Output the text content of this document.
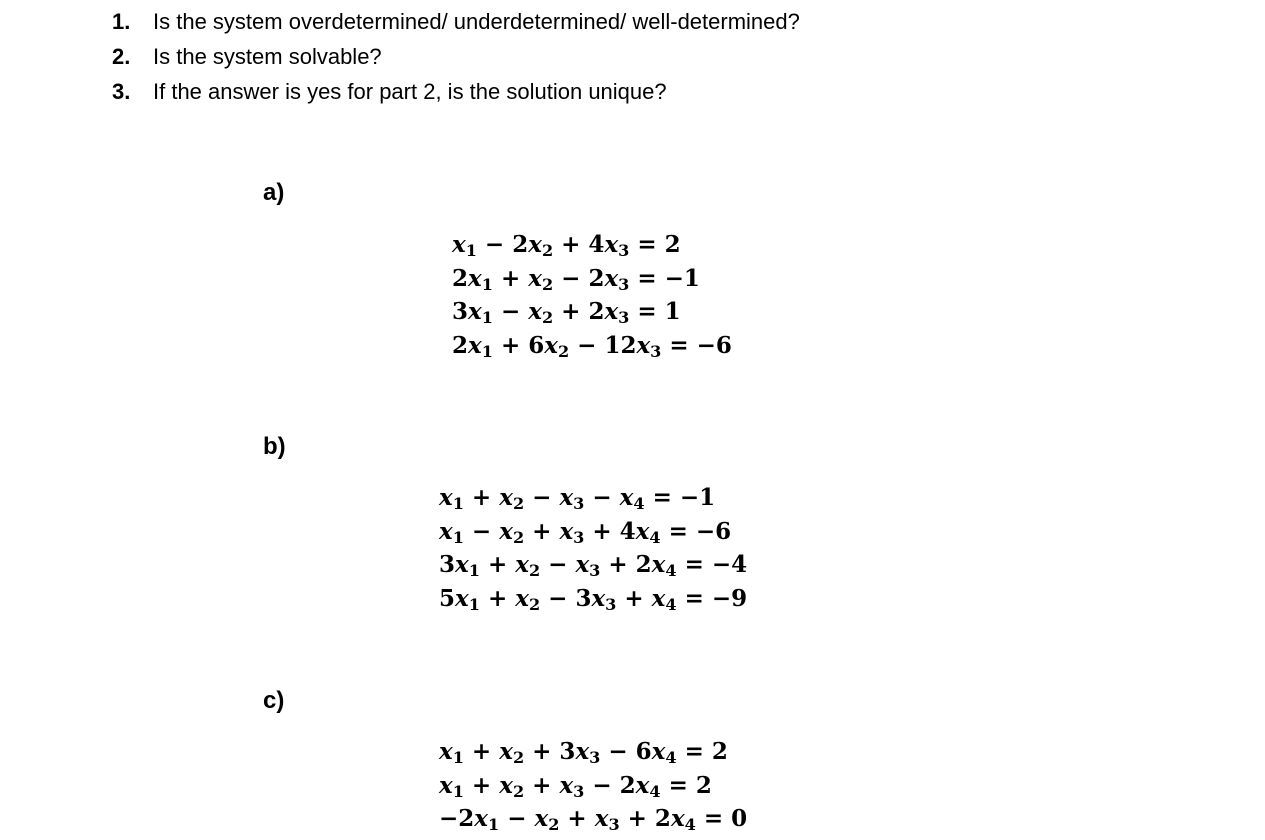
1. Is the system overdetermined/ underdetermined/ well-determined?
2. Is the system solvable?
3. If the answer is yes for part 2, is the solution unique?
a)
$x_1 - 2x_2 + 4x_3 = 2$
$2x_1 + x_2 - 2x_3 = -1$
$3x_1 - x_2 + 2x_3 = 1$
$2x_1 + 6x_2 - 12x_3 = -6$
b)
$x_1 + x_2 - x_3 - x_4 = -1$
$x_1 - x_2 + x_3 + 4x_4 = -6$
$3x_1 + x_2 - x_3 + 2x_4 = -4$
$5x_1 + x_2 - 3x_3 + x_4 = -9$
c)
$x_1 + x_2 + 3x_3 - 6x_4 = 2$
$x_1 + x_2 + x_3 - 2x_4 = 2$
$-2x_1 - x_2 + x_3 + 2x_4 = 0$
